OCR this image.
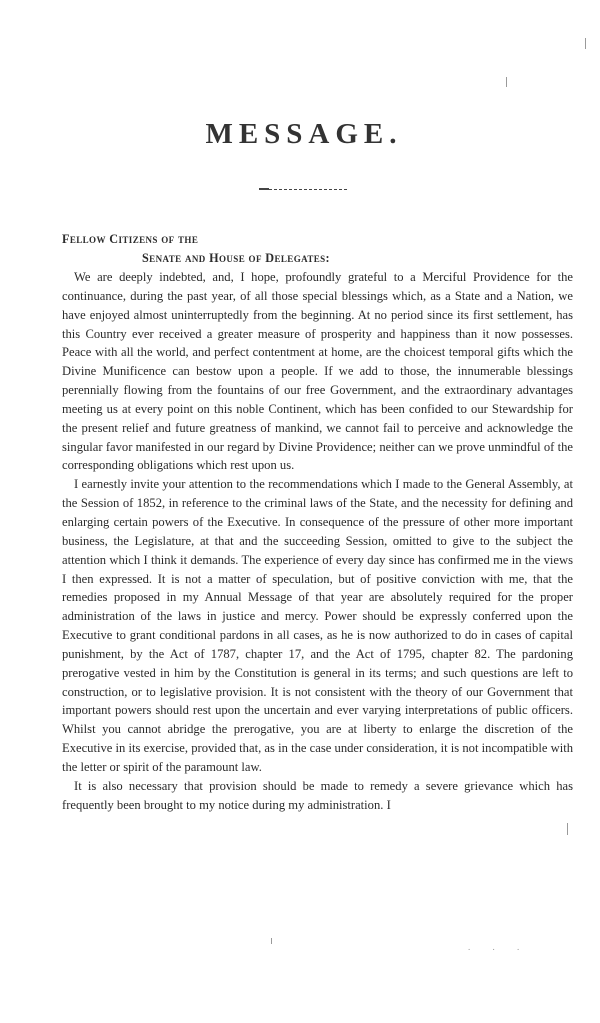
MESSAGE.
Fellow Citizens of the
Senate and House of Delegates:

We are deeply indebted, and, I hope, profoundly grateful to a Merciful Providence for the continuance, during the past year, of all those special blessings which, as a State and a Nation, we have enjoyed almost uninterruptedly from the beginning. At no period since its first settlement, has this Country ever received a greater measure of prosperity and happiness than it now possesses. Peace with all the world, and perfect contentment at home, are the choicest temporal gifts which the Divine Munificence can bestow upon a people. If we add to those, the innumerable blessings perennially flowing from the fountains of our free Government, and the extraordinary advantages meeting us at every point on this noble Continent, which has been confided to our Stewardship for the present relief and future greatness of mankind, we cannot fail to perceive and acknowledge the singular favor manifested in our regard by Divine Providence; neither can we prove unmindful of the corresponding obligations which rest upon us.

I earnestly invite your attention to the recommendations which I made to the General Assembly, at the Session of 1852, in reference to the criminal laws of the State, and the necessity for defining and enlarging certain powers of the Executive. In consequence of the pressure of other more important business, the Legislature, at that and the succeeding Session, omitted to give to the subject the attention which I think it demands. The experience of every day since has confirmed me in the views I then expressed. It is not a matter of speculation, but of positive conviction with me, that the remedies proposed in my Annual Message of that year are absolutely required for the proper administration of the laws in justice and mercy. Power should be expressly conferred upon the Executive to grant conditional pardons in all cases, as he is now authorized to do in cases of capital punishment, by the Act of 1787, chapter 17, and the Act of 1795, chapter 82. The pardoning prerogative vested in him by the Constitution is general in its terms; and such questions are left to construction, or to legislative provision. It is not consistent with the theory of our Government that important powers should rest upon the uncertain and ever varying interpretations of public officers. Whilst you cannot abridge the prerogative, you are at liberty to enlarge the discretion of the Executive in its exercise, provided that, as in the case under consideration, it is not incompatible with the letter or spirit of the paramount law.

It is also necessary that provision should be made to remedy a severe grievance which has frequently been brought to my notice during my administration. I

. . .
